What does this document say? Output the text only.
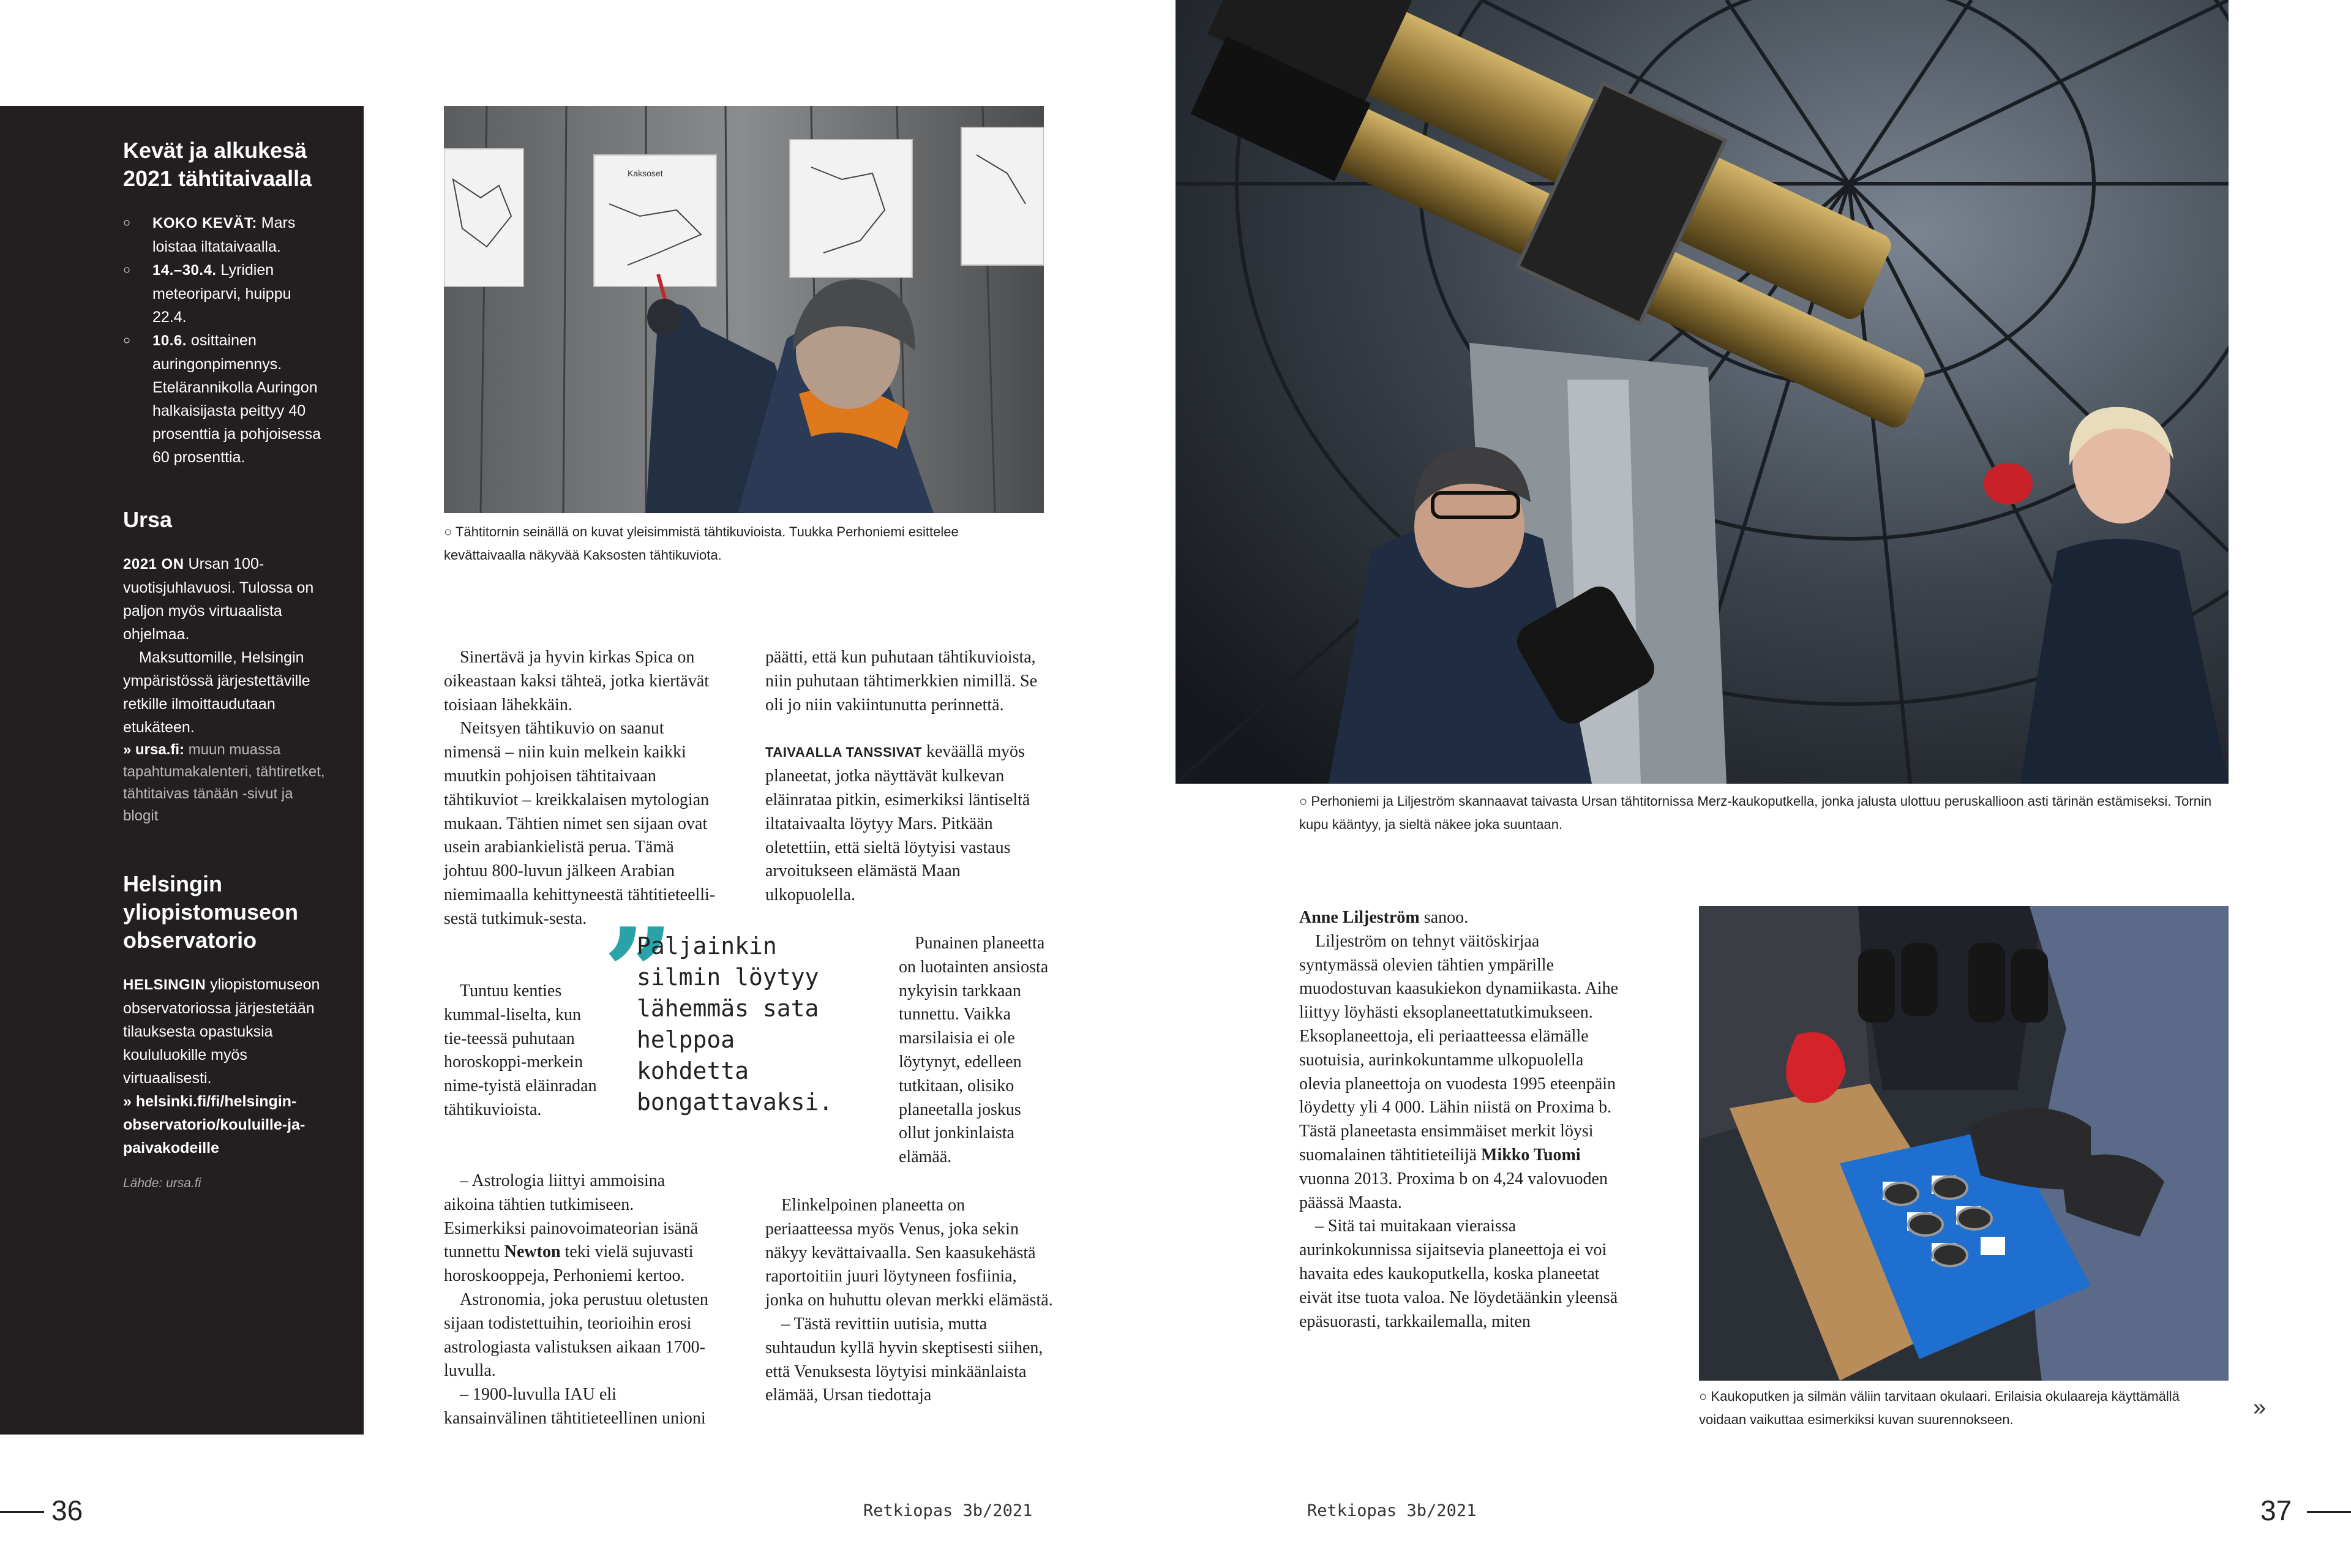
Kevät ja alkukesä 2021 tähtitaivaalla
○ KOKO KEVÄT: Mars loistaa iltataivaalla.
○ 14.–30.4. Lyridien meteoriparvi, huippu 22.4.
○ 10.6. osittainen auringonpimennys. Etelärannikolla Auringon halkaisijasta peittyy 40 prosenttia ja pohjoisessa 60 prosenttia.
Ursa

2021 ON Ursan 100-vuotisjuhlavuosi. Tulossa on paljon myös virtuaalista ohjelmaa.

Maksuttomille, Helsingin ympäristössä järjestettäville retkille ilmoittaudutaan etukäteen.

» ursa.fi: muun muassa tapahtumakalenteri, tähtiretket, tähtitaivas tänään -sivut ja blogit

Helsingin yliopistomuseon observatorio

HELSINGIN yliopistomuseon observatoriossa järjestetään tilauksesta opastuksia koululuokille myös virtuaalisesti.

» helsinki.fi/fi/helsingin-observatorio/kouluille-ja-paivakodeille

Lähde: ursa.fi

Kaksoset
○ Tähtitornin seinällä on kuvat yleisimmistä tähtikuvioista. Tuukka Perhoniemi esittelee kevättaivaalla näkyvää Kaksosten tähtikuviota.
○ Perhoniemi ja Liljeström skannaavat taivasta Ursan tähtitornissa Merz-kaukoputkella, jonka jalusta ulottuu peruskallioon asti tärinän estämiseksi. Tornin kupu kääntyy, ja sieltä näkee joka suuntaan.
○ Kaukoputken ja silmän väliin tarvitaan okulaari. Erilaisia okulaareja käyttämällä voidaan vaikuttaa esimerkiksi kuvan suurennokseen.

Sinertävä ja hyvin kirkas Spica on oikeastaan kaksi tähteä, jotka kiertävät toisiaan lähekkäin.

Neitsyen tähtikuvio on saanut nimensä – niin kuin melkein kaikki muutkin pohjoisen tähtitaivaan tähtikuviot – kreikkalaisen mytologian mukaan. Tähtien nimet sen sijaan ovat usein arabiankielistä perua. Tämä johtuu 800-luvun jälkeen Arabian niemimaalla kehittyneestä tähtitieteelli-sestä tutkimuk-sesta.

Tuntuu kenties kummal-liselta, kun tie-teessä puhutaan horoskoppi-merkein nime-tyistä eläinradan tähtikuvioista.

– Astrologia liittyi ammoisina aikoina tähtien tutkimiseen. Esimerkiksi painovoimateorian isänä tunnettu Newton teki vielä sujuvasti horoskooppeja, Perhoniemi kertoo.

Astronomia, joka perustuu oletusten sijaan todistettuihin, teorioihin erosi astrologiasta valistuksen aikaan 1700-luvulla.

– 1900-luvulla IAU eli kansainvälinen tähtitieteellinen unioni

”
Paljainkin silmin löytyy lähemmäs sata helppoa kohdetta bongattavaksi.

päätti, että kun puhutaan tähtikuvioista, niin puhutaan tähtimerkkien nimillä. Se oli jo niin vakiintunutta perinnettä.

TAIVAALLA TANSSIVAT keväällä myös planeetat, jotka näyttävät kulkevan eläinrataa pitkin, esimerkiksi läntiseltä iltataivaalta löytyy Mars. Pitkään oletettiin, että sieltä löytyisi vastaus arvoitukseen elämästä Maan ulkopuolella.

Punainen planeetta on luotainten ansiosta nykyisin tarkkaan tunnettu. Vaikka marsilaisia ei ole löytynyt, edelleen tutkitaan, olisiko planeetalla joskus ollut jonkinlaista elämää.

Elinkelpoinen planeetta on periaatteessa myös Venus, joka sekin näkyy kevättaivaalla. Sen kaasukehästä raportoitiin juuri löytyneen fosfiinia, jonka on huhuttu olevan merkki elämästä.

– Tästä revittiin uutisia, mutta suhtaudun kyllä hyvin skeptisesti siihen, että Venuksesta löytyisi minkäänlaista elämää, Ursan tiedottaja

Anne Liljeström sanoo.

Liljeström on tehnyt väitöskirjaa syntymässä olevien tähtien ympärille muodostuvan kaasukiekon dynamiikasta. Aihe liittyy löyhästi eksoplaneettatutkimukseen. Eksoplaneettoja, eli periaatteessa elämälle suotuisia, aurinkokuntamme ulkopuolella olevia planeettoja on vuodesta 1995 eteenpäin löydetty yli 4 000. Lähin niistä on Proxima b. Tästä planeetasta ensimmäiset merkit löysi suomalainen tähtitieteilijä Mikko Tuomi vuonna 2013. Proxima b on 4,24 valovuoden päässä Maasta.

– Sitä tai muitakaan vieraissa aurinkokunnissa sijaitsevia planeettoja ei voi havaita edes kaukoputkella, koska planeetat eivät itse tuota valoa. Ne löydetäänkin yleensä epäsuorasti, tarkkailemalla, miten

»
36	Retkiopas 3b/2021	Retkiopas 3b/2021	37
